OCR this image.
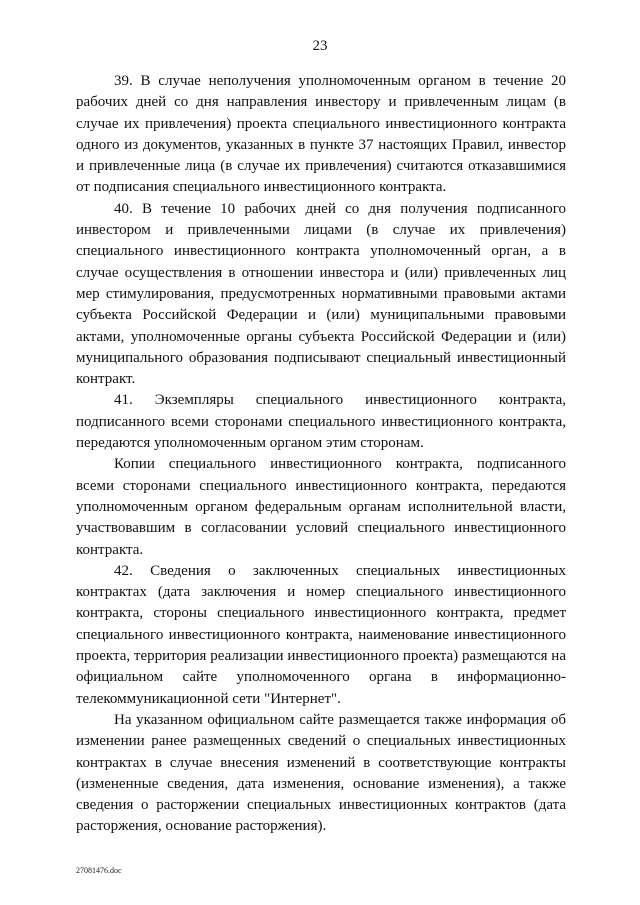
23

39. В случае неполучения уполномоченным органом в течение 20 рабочих дней со дня направления инвестору и привлеченным лицам (в случае их привлечения) проекта специального инвестиционного контракта одного из документов, указанных в пункте 37 настоящих Правил, инвестор и привлеченные лица (в случае их привлечения) считаются отказавшимися от подписания специального инвестиционного контракта.

40. В течение 10 рабочих дней со дня получения подписанного инвестором и привлеченными лицами (в случае их привлечения) специального инвестиционного контракта уполномоченный орган, а в случае осуществления в отношении инвестора и (или) привлеченных лиц мер стимулирования, предусмотренных нормативными правовыми актами субъекта Российской Федерации и (или) муниципальными правовыми актами, уполномоченные органы субъекта Российской Федерации и (или) муниципального образования подписывают специальный инвестиционный контракт.

41. Экземпляры специального инвестиционного контракта, подписанного всеми сторонами специального инвестиционного контракта, передаются уполномоченным органом этим сторонам.

Копии специального инвестиционного контракта, подписанного всеми сторонами специального инвестиционного контракта, передаются уполномоченным органом федеральным органам исполнительной власти, участвовавшим в согласовании условий специального инвестиционного контракта.

42. Сведения о заключенных специальных инвестиционных контрактах (дата заключения и номер специального инвестиционного контракта, стороны специального инвестиционного контракта, предмет специального инвестиционного контракта, наименование инвестиционного проекта, территория реализации инвестиционного проекта) размещаются на официальном сайте уполномоченного органа в информационно-телекоммуникационной сети "Интернет".

На указанном официальном сайте размещается также информация об изменении ранее размещенных сведений о специальных инвестиционных контрактах в случае внесения изменений в соответствующие контракты (измененные сведения, дата изменения, основание изменения), а также сведения о расторжении специальных инвестиционных контрактов (дата расторжения, основание расторжения).

27081476.doc
